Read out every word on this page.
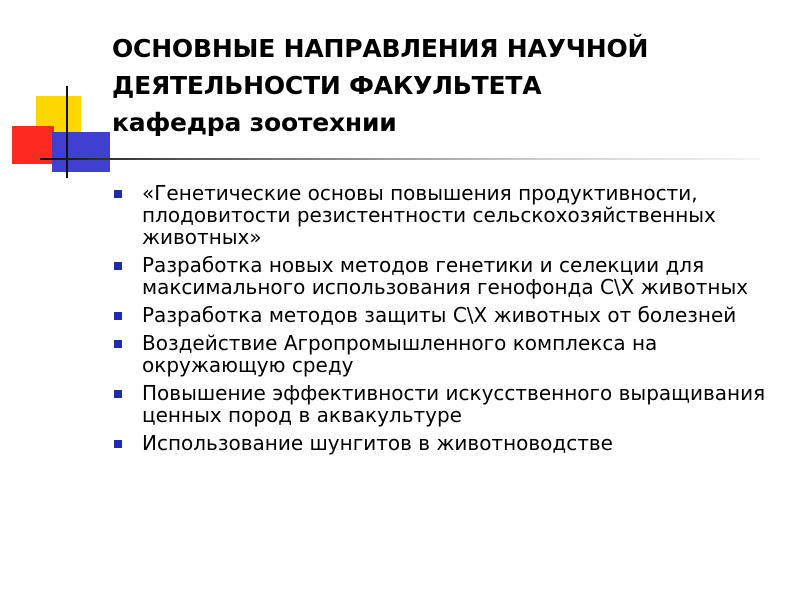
ОСНОВНЫЕ НАПРАВЛЕНИЯ НАУЧНОЙ
ДЕЯТЕЛЬНОСТИ ФАКУЛЬТЕТА
кафедра зоотехнии
«Генетические основы повышения продуктивности, плодовитости резистентности сельскохозяйственных животных»
Разработка новых методов генетики и селекции для максимального использования генофонда С\Х животных
Разработка методов защиты С\Х животных от болезней
Воздействие Агропромышленного комплекса на окружающую среду
Повышение эффективности искусственного выращивания ценных пород в аквакультуре
Использование шунгитов в животноводстве
